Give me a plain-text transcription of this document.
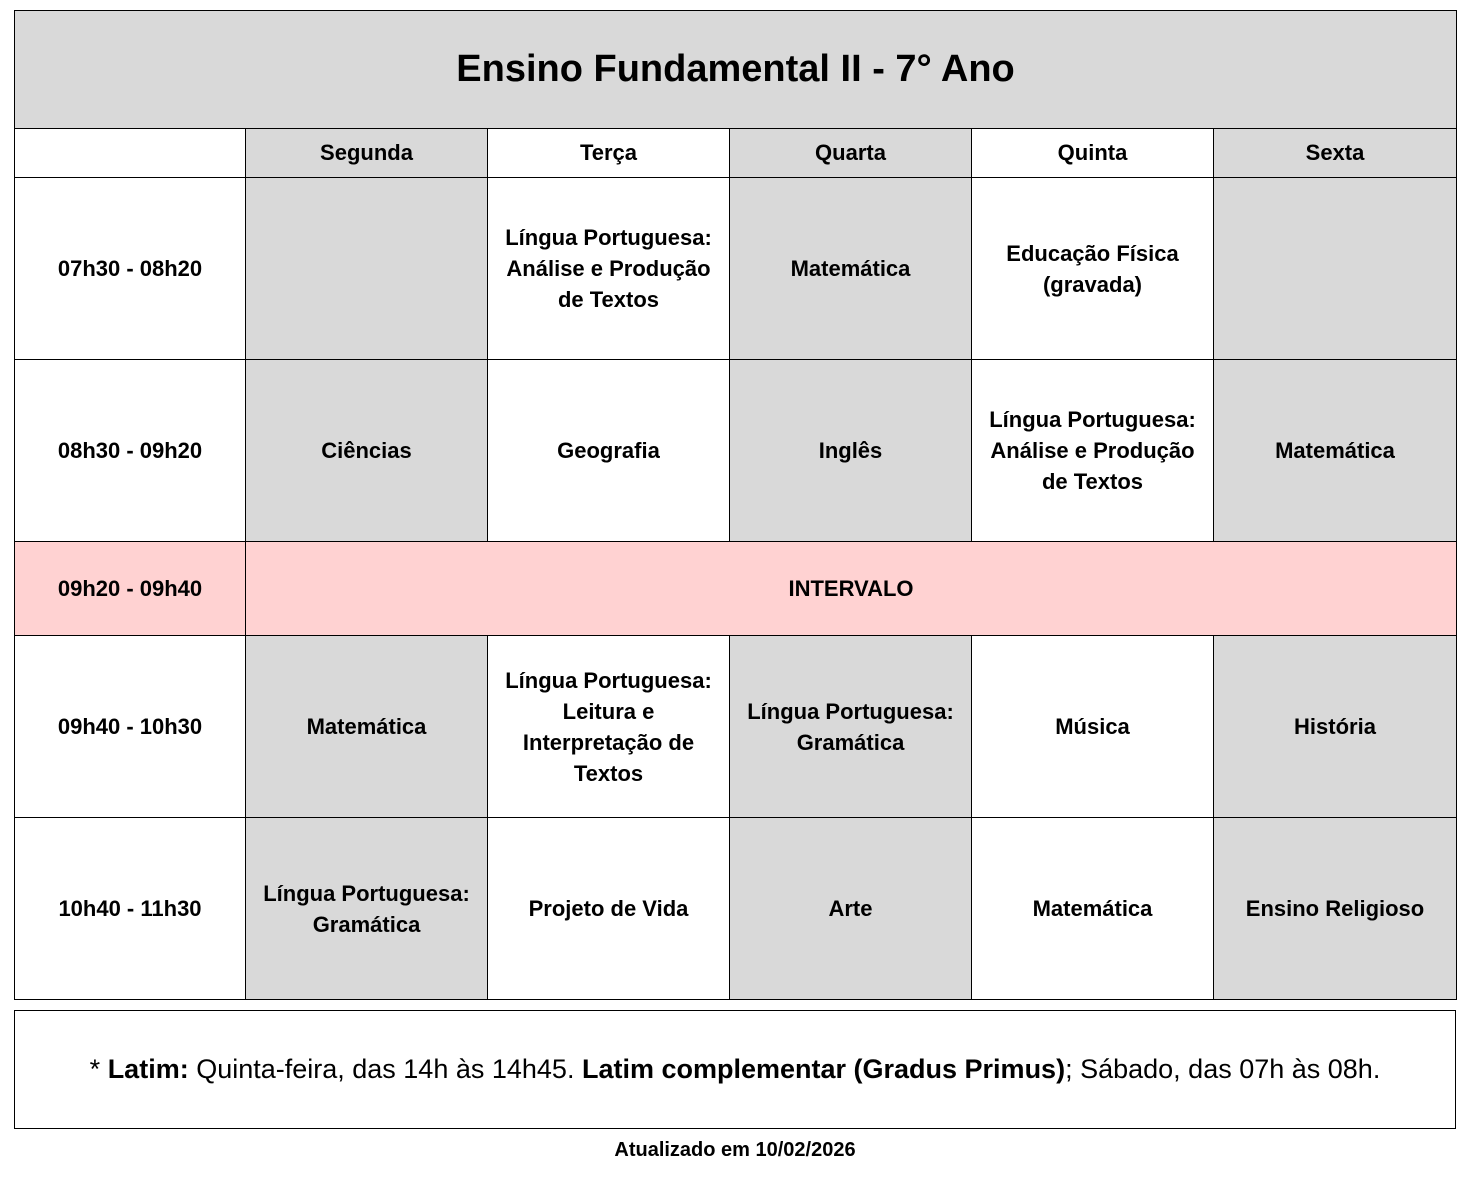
Ensino Fundamental II - 7° Ano					
	Segunda	Terça	Quarta	Quinta	Sexta
07h30 - 08h20		Língua Portuguesa: Análise e Produção de Textos	Matemática	Educação Física (gravada)	
08h30 - 09h20	Ciências	Geografia	Inglês	Língua Portuguesa: Análise e Produção de Textos	Matemática
09h20 - 09h40	INTERVALO				
09h40 - 10h30	Matemática	Língua Portuguesa: Leitura e Interpretação de Textos	Língua Portuguesa: Gramática	Música	História
10h40 - 11h30	Língua Portuguesa: Gramática	Projeto de Vida	Arte	Matemática	Ensino Religioso
* Latim: Quinta-feira, das 14h às 14h45. Latim complementar (Gradus Primus) ; Sábado, das 07h às 08h.
Atualizado em 10/02/2026
